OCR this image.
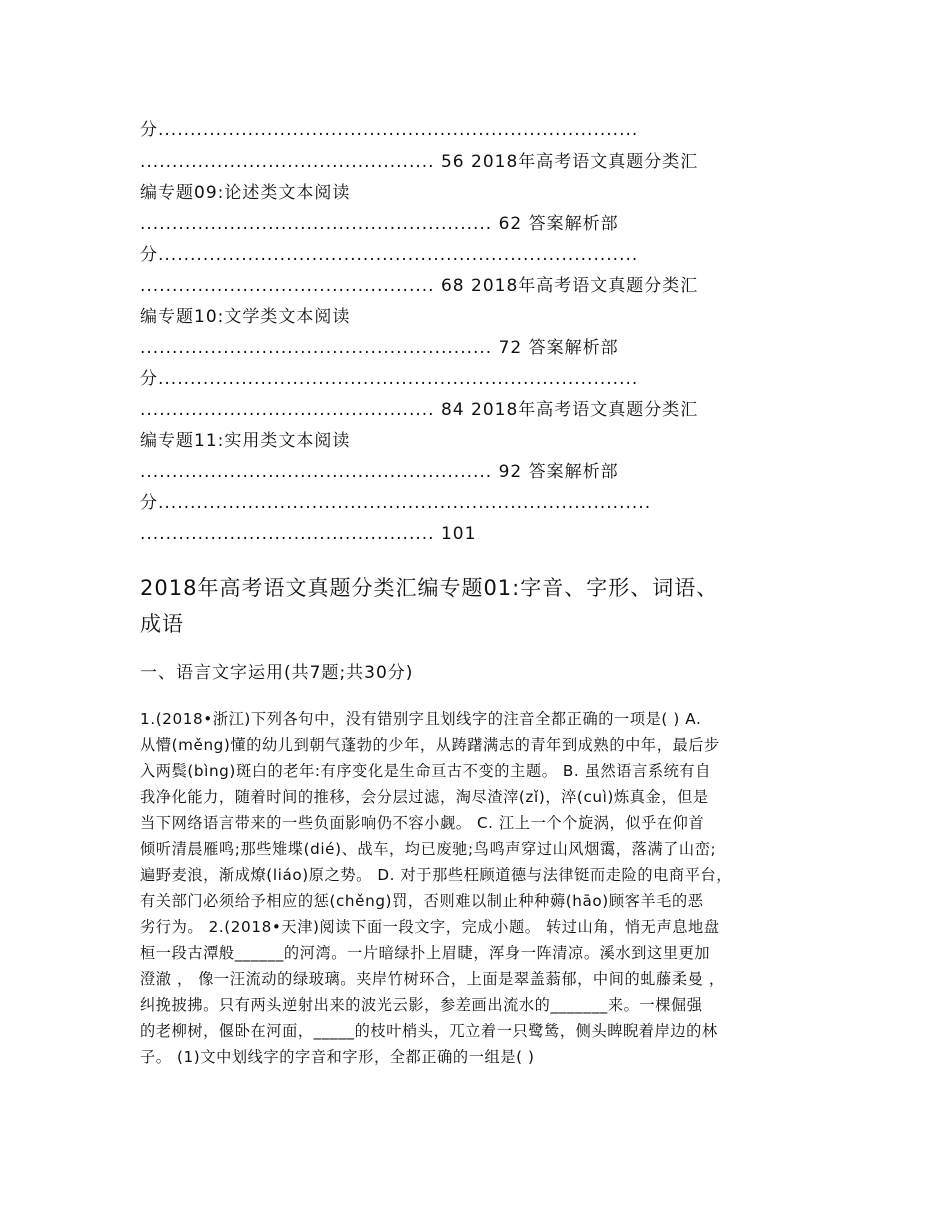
分...........................................................................
.............................................. 56 2018年高考语文真题分类汇
编专题09:论述类文本阅读
....................................................... 62 答案解析部
分...........................................................................
.............................................. 68 2018年高考语文真题分类汇
编专题10:文学类文本阅读
....................................................... 72 答案解析部
分...........................................................................
.............................................. 84 2018年高考语文真题分类汇
编专题11:实用类文本阅读
....................................................... 92 答案解析部
分.............................................................................
.............................................. 101
2018年高考语文真题分类汇编专题01:字音、字形、词语、
成语
一、语言文字运用(共7题;共30分)
1.(2018•浙江)下列各句中，没有错别字且划线字的注音全都正确的一项是( ) A.
从懵(měng)懂的幼儿到朝气蓬勃的少年，从踌躇满志的青年到成熟的中年，最后步
入两鬓(bìng)斑白的老年:有序变化是生命亘古不变的主题。 B. 虽然语言系统有自
我净化能力，随着时间的推移，会分层过滤，淘尽渣滓(zǐ)，淬(cuì)炼真金，但是
当下网络语言带来的一些负面影响仍不容小觑。 C. 江上一个个旋涡，似乎在仰首
倾听清晨雁鸣;那些雉堞(dié)、战车，均已废驰;鸟鸣声穿过山风烟霭，落满了山峦;
遍野麦浪，渐成燎(liáo)原之势。 D. 对于那些枉顾道德与法律铤而走险的电商平台，
有关部门必须给予相应的惩(chěng)罚，否则难以制止种种薅(hāo)顾客羊毛的恶
劣行为。 2.(2018•天津)阅读下面一段文字，完成小题。 转过山角，悄无声息地盘
桓一段古潭般______的河湾。一片暗绿扑上眉睫，浑身一阵清凉。溪水到这里更加
澄澈 ， 像一汪流动的绿玻璃。夹岸竹树环合，上面是翠盖蓊郁，中间的虬藤柔曼 ，
纠挽披拂。只有两头逆射出来的波光云影，参差画出流水的_______来。一棵倔强
的老柳树，偃卧在河面，_____的枝叶梢头，兀立着一只鹭鸶，侧头睥睨着岸边的林
子。 (1)文中划线字的字音和字形，全都正确的一组是( )
